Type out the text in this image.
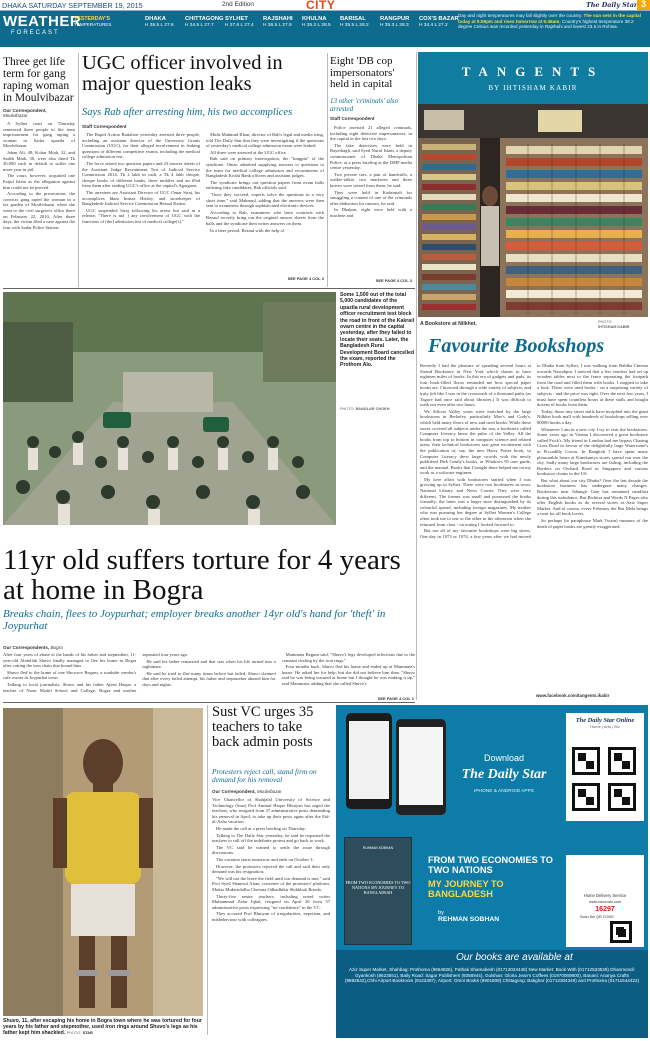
DHAKA SATURDAY SEPTEMBER 19, 2015	2nd Edition	CITY	The Daily Star 3
WEATHER
FORECAST
YESTERDAY'S
TEMPERATURES
DHAKA
H 36.5 L 27.6
CHITTAGONG
H 34.5 L 27.7
SYLHET
H 37.6 L 27.4
RAJSHAHI
H 36.5 L 27.9
KHULNA
H 35.2 L 28.5
BARISAL
H 35.5 L 28.2
RANGPUR
H 35.3 L 28.3
COX'S BAZAR
H 34.4 L 27.2
Day and night temperatures may fall slightly over the country. The sun sets in the capital today at 5:59pm and rises tomorrow at 5:46am. Country's highest temperature 38.2 degree Celsius was recorded yesterday in Rajshahi and lowest 23.5 in Rohtas.
Three get life term for gang raping woman in Moulvibazar
Our Correspondent,
Moulvibazar

A Sylhet court on Thursday sentenced three people to life term imprisonment for gang raping a woman in Sadar upazila of Moulvibazar.

Jahan Ali, 48, Kohar Miah, 32, and Sadek Miah, 30, were also fined Tk 30,000 each in default to suffer one more year in jail.

The court, however, acquitted one Faijul Islam as the allegation against him could not be proved.

According to the prosecution, the convicts gang raped the woman in a tea garden of Moulvibazar when she went to the civil surgeon's office there on February 22, 2010. After three days, the victim filed a case against the four with Sadar Police Station.

UGC officer involved in major question leaks
Says Rab after arresting him, his two accomplices
Staff Correspondent

The Rapid Action Battalion yesterday arrested three people, including an assistant director of the University Grants Commission (UGC), for their alleged involvement in leaking questions of different competitive exams, including the medical college admission test.

The force seized two question papers and 23 answer sheets of the Assistant Judge Recruitment Test of Judicial Service Commission 2014, Tk 2 lakh in cash, a Tk 4 lakh cheque, cheque books of different banks, three mobiles and an iPad from them after raiding UGC's office at the capital's Agargaon.

The arrestees are Assistant Director of UGC Omar Siraj, his accomplices Idam Imtiaz Hridoy, and storekeeper of Bangladesh Judicial Service Commission Bezaul Karim.

UGC suspended Siraj following his arrest but said in a release, "There is no[ ] any involvement of UGC with the functions of [the] admission test of medical college[s]."

Mufti Mahmud Khan, director of Rab's legal and media wing, told The Daily Star that they were investigating if the questions of yesterday's medical college admission exam were leaked.

All three were arrested at the UGC office.

Rab said on primary interrogation, the "kingpin" of the syndicate, Omar, admitted supplying answers to questions to the team for medical college admission and recruitments of Bangladesh Krishi Bank officers and assistant judges.

The syndicate brings out question papers from exam halls enlisting fake candidates, Rab officials said.

"Once they succeed, experts solve the questions in a very short time," said Mahmud, adding that the answers were then sent to examinees through sophisticated electronic devices.

According to Rab, examinees who have contracts with Bezaul secretly bring out the original answer sheets from the halls and the syndicate then writes answers on them.

In a later period, Bezaul with the help of

SEE PAGE 4 COL 3
Eight 'DB cop impersonators' held in capital
13 other 'criminals' also arrested
Staff Correspondent

Police arrested 21 alleged criminals, including eight detective impersonators, in the capital in the last two days.

The fake detectives were held in Rayerbagh, said Syed Nurul Islam, a deputy commissioner of Dhaka Metropolitan Police, at a press briefing at the DMP media centre yesterday.

Two private cars, a pair of handcuffs, a walkie-talkie, two machetes and three knives were seized from them, he said.

They were held in Kadamtali for smuggling a content of one of the criminals after abduction for ransom, he said.

In Dhalpur, eight were held with a machete and

SEE PAGE 4 COL 3
TANGENTS
BY IHTISHAM KABIR
A Bookstore at Nilkhet.	PHOTO:
IHTISHAM KABIR
Favourite Bookshops

Recently I had the pleasure of spending several hours at Strand Bookstore in New York which claims to have eighteen miles of books. In this era of gadgets and pads, its four book-filled floors reminded me how special paper books are. I browsed through a wide variety of subjects, and truly felt like I was in the crossroads of a thousand paths (as Tagore had once said about libraries.) It was difficult to walk out even after two hours.

We Silicon Valley years were enriched by the large bookstores in Berkeley, particularly Moe's and Cody's, which held many floors of new and used books. While these stores covered all subjects under the sun, a bookstore called Computer Literacy knew the pulse of the Valley. All the books from top to bottom in computer science and related areas, their technical bookstores saw great excitement with the publication of, say, the new Harry Potter book, so Computer Literacy drew large crowds with the newly published Dirk Gently's books, or Windows 95 user guide, and the manual. Books that I bought there helped me on my work as a software engineer.

My love affair with bookstores started when I was growing up in Sylhet. There were two bookstores in town: National Library and News Corner. They were very different. The former was small and possessed the books formally; the latter was a larger store distinguished by its colourful spread, including foreign magazines. My mother who was pursuing her degree at Sylhet Women's College often took me to one or the other in the afternoon when she returned from class - on outing I looked forward to.

But not all of my favourite bookshops were big stores. One day in 1973 or 1974, a few years after we had moved to Dhaka from Sylhet, I was walking from Baldha Cinema towards Nawabpur. I noticed that a few vendors had set up wooden tables next to the fence separating the footpath from the road and filled them with books. I stopped to take a look. These were used books - on a surprising variety of subjects - and the price was right. Over the next few years, I must have spent countless hours at these stalls and bought dozens of books from them.

Today, those tiny street stalls have morphed into the giant Nilkhet book mall with hundreds of bookshops selling over 80000 books a day.

Whenever I am in a new city I try to visit the bookstores. Some years ago in Vienna I discovered a great bookstore called Frick's. My friend in London had me bypass Charing Cross Road in favour of the delightfully large Waterstone's in Piccadilly Circus. In Bangkok I have spent many pleasurable hours at Kinokuniya stores spread out over the city. Sadly many large bookstores are failing, including the Borders on Orchard Road in Singapore and various bookstore chains in the US.

But what about our city Dhaka? Over the last decade the bookstore business has undergone many changes. Bookworm near Jahangir Gate has remained steadfast during this turbulence. But Bichitra and Words N Pages also offer English books as do several stores at Aziz Super Market. And of course, every February the Boi Mela brings a treat for all book lovers.

So perhaps (to paraphrase Mark Twain) rumours of the death of paper books are greatly exaggerated.

www.facebook.com/tangents.ikabir
Some 1,500 out of the total 5,000 candidates of the upazila rural development officer recruitment test block the road in front of the Kakrail ovarn centre in the capital yesterday, after they failed to locate their seats. Later, the Bangladesh Rural Development Board cancelled the exam, reported the Prothom Alo.
PHOTO: BANGLAR CHOKH
11yr old suffers torture for 4 years at home in Bogra
Breaks chain, flees to Joypurhat; employer breaks another 14yr old's hand for 'theft' in Joypurhat
Our Correspondents, Bogra

After four years of abuse at the hands of his father and stepmother, 11-year-old Abdullah Shuvo finally managed to flee his home in Bogra after cutting the iron chain that bound him.

Shuvo fled to the home of one Showrov Begum, a roadside vendor's cafe owner in Joypurhat town.

Talking to local journalists, Shuvo and his father Ayeni Haque, a teacher of Noon Model School and College, Bogra and mother separated four years ago.

He said his father remarried and that was when his life turned into a nightmare.

He said he tried to flee many times before but failed. Shuvo claimed that after every failed attempt, his father and stepmother abused him for days and nights.

Mammata Begum said, "Shuvo's legs developed infections due to the constant chafing by the iron rings."

Four months back, Shuvo fled his home and ended up at Mammata's house. He asked her for help, but she did not believe him then. "Shuvo said he was being tortured at home but I thought he was making it up," said Mammata, adding that she called Shuvo's

SEE PAGE 4 COL 1
Shuvo, 11, after escaping his home in Bogra town where he was tortured for four years by his father and stepmother, used iron rings around Shuvo's legs as his father kept him shackled. PHOTO: STAR
Sust VC urges 35 teachers to take back admin posts
Protesters reject call, stand firm on demand for his removal
Our Correspondent, Moulvibazar

Vice Chancellor of Shahjalal University of Science and Technology (Sust) Prof Aminul Haque Bhuiyan has urged the teachers, who resigned from 37 administrative posts demanding his removal in April, to take up their posts again after the Eid-ul-Azha vacation.

He made the call at a press briefing on Thursday.

Talking to The Daily Star yesterday, he said he requested the teachers to call off the indefinite protest and go back to work.

The VC said he wanted to settle the issue through discussions.

The vacation starts tomorrow and ends on October 3.

However, the protesters rejected the call and said their only demand was his resignation.

"We will not the leave the field until our demand is met," said Prof Syed Shamsul Alam, convener of the protesters' platform, Mukto Muktirobilbo Chetona Odhadhikir Shikkhok Brindo.

Thirty-five senior teachers, including noted writer Muhammad Zafar Iqbal, resigned on April 20 from 37 administrative posts expressing "no-confidence" in the VC.

They accused Prof Bhuiyan of irregularities, nepotism, and misbehaviour with colleagues.

Download
The Daily Star
IPHONE & ANDROID APPS
The Daily Star Online
Home | Arts | Biz
RUHMAN SOBHAN
FROM TWO ECONOMIES TO TWO NATIONS MY JOURNEY TO BANGLADESH
FROM TWO ECONOMIES TO TWO NATIONS
MY JOURNEY TO BANGLADESH
by
REHMAN SOBHAN
Home Delivery Service
www.rokomari.com
16297
Scan the QR CODE
Our books are available at
Aziz Super Market, Shahbag: Prothoma (9664825), Pathak Shamabesh (01713034448) New Market: Book With (01712533539) Dhanmondi: Gyankosh (8623551), Baily Road: Sagar Publishers (9358944), Gulshan: Gloria Jean's Coffees (01970069800), Banani: Ananya Crafts (9882542),Chhi Airport Bookroom (9122387), Airport: Omni Books (8901808) Chittagong: Batighar (01712304349) and Prothoma (01711544422)
